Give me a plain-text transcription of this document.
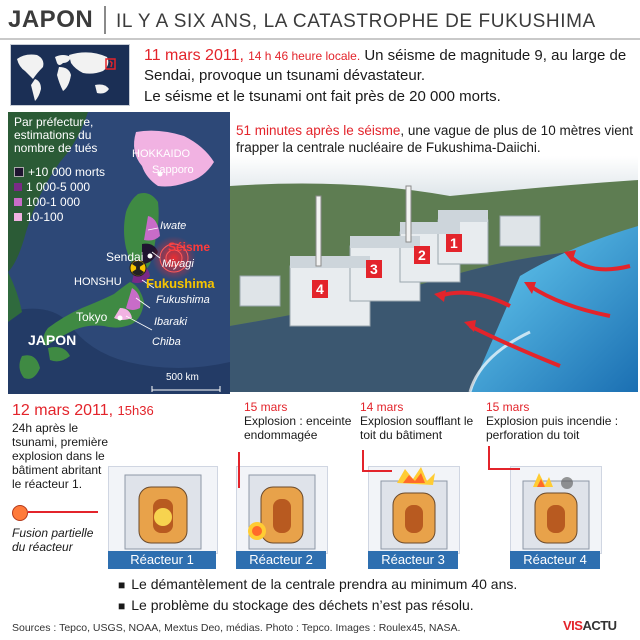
JAPON IL Y A SIX ANS, LA CATASTROPHE DE FUKUSHIMA
11 mars 2011, 14 h 46 heure locale. Un séisme de magnitude 9, au large de Sendai, provoque un tsunami dévastateur.
Le séisme et le tsunami ont fait près de 20 000 morts.
Par préfecture, estimations du nombre de tués
+10 000 morts
1 000-5 000
100-1 000
10-100
HOKKAIDO
Sapporo
Iwate
Séisme
Sendai Miyagi
Fukushima
HONSHU
Fukushima
Tokyo	Ibaraki
Chiba
JAPON
500 km
51 minutes après le séisme, une vague de plus de 10 mètres vient frapper la centrale nucléaire de Fukushima-Daiichi.
1
2
3
4
12 mars 2011, 15h36
24h après le tsunami, première explosion dans le bâtiment abritant le réacteur 1.
Fusion partielle du réacteur
15 mars
Explosion : enceinte endommagée
14 mars
Explosion soufflant le toit du bâtiment
15 mars
Explosion puis incendie : perforation du toit
Réacteur 1	Réacteur 2	Réacteur 3	Réacteur 4
■ Le démantèlement de la centrale prendra au minimum 40 ans.
■ Le problème du stockage des déchets n’est pas résolu.
Sources : Tepco, USGS, NOAA, Mextus Deo, médias. Photo : Tepco. Images : Roulex45, NASA.	VISACTU
